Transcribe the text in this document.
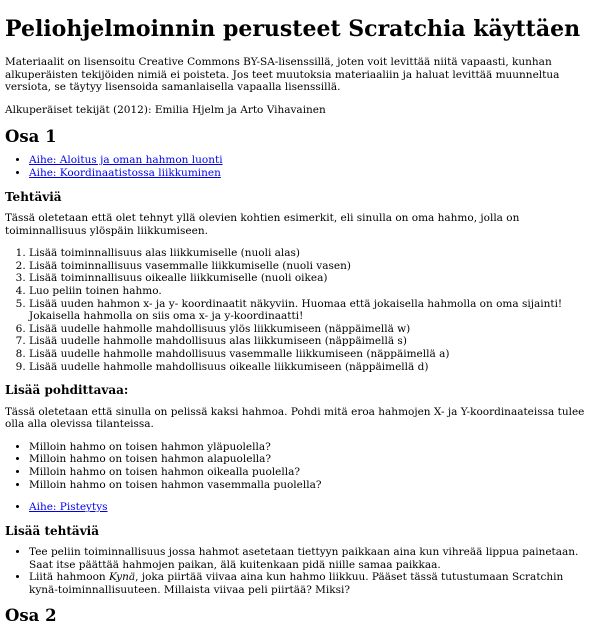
Peliohjelmoinnin perusteet Scratchia käyttäen

Materiaalit on lisensoitu Creative Commons BY-SA-lisenssillä, joten voit levittää niitä vapaasti, kunhan alkuperäisten tekijöiden nimiä ei poisteta. Jos teet muutoksia materiaaliin ja haluat levittää muunneltua versiota, se täytyy lisensoida samanlaisella vapaalla lisenssillä.

Alkuperäiset tekijät (2012): Emilia Hjelm ja Arto Vihavainen

Osa 1
• Aihe: Aloitus ja oman hahmon luonti
• Aihe: Koordinaatistossa liikkuminen
Tehtäviä

Tässä oletetaan että olet tehnyt yllä olevien kohtien esimerkit, eli sinulla on oma hahmo, jolla on toiminnallisuus ylöspäin liikkumiseen.

1. Lisää toiminnallisuus alas liikkumiselle (nuoli alas)
2. Lisää toiminnallisuus vasemmalle liikkumiselle (nuoli vasen)
3. Lisää toiminnallisuus oikealle liikkumiselle (nuoli oikea)
4. Luo peliin toinen hahmo.
5. Lisää uuden hahmon x- ja y- koordinaatit näkyviin. Huomaa että jokaisella hahmolla on oma sijainti! Jokaisella hahmolla on siis oma x- ja y-koordinaatti!
6. Lisää uudelle hahmolle mahdollisuus ylös liikkumiseen (näppäimellä w)
7. Lisää uudelle hahmolle mahdollisuus alas liikkumiseen (näppäimellä s)
8. Lisää uudelle hahmolle mahdollisuus vasemmalle liikkumiseen (näppäimellä a)
9. Lisää uudelle hahmolle mahdollisuus oikealle liikkumiseen (näppäimellä d)
Lisää pohdittavaa:

Tässä oletetaan että sinulla on pelissä kaksi hahmoa. Pohdi mitä eroa hahmojen X- ja Y-koordinaateissa tulee olla alla olevissa tilanteissa.

• Milloin hahmo on toisen hahmon yläpuolella?
• Milloin hahmo on toisen hahmon alapuolella?
• Milloin hahmo on toisen hahmon oikealla puolella?
• Milloin hahmo on toisen hahmon vasemmalla puolella?
• Aihe: Pisteytys
Lisää tehtäviä
• Tee peliin toiminnallisuus jossa hahmot asetetaan tiettyyn paikkaan aina kun vihreää lippua painetaan. Saat itse päättää hahmojen paikan, älä kuitenkaan pidä niille samaa paikkaa.
• Liitä hahmoon Kynä, joka piirtää viivaa aina kun hahmo liikkuu. Pääset tässä tutustumaan Scratchin kynä-toiminnallisuuteen. Millaista viivaa peli piirtää? Miksi?
Osa 2
